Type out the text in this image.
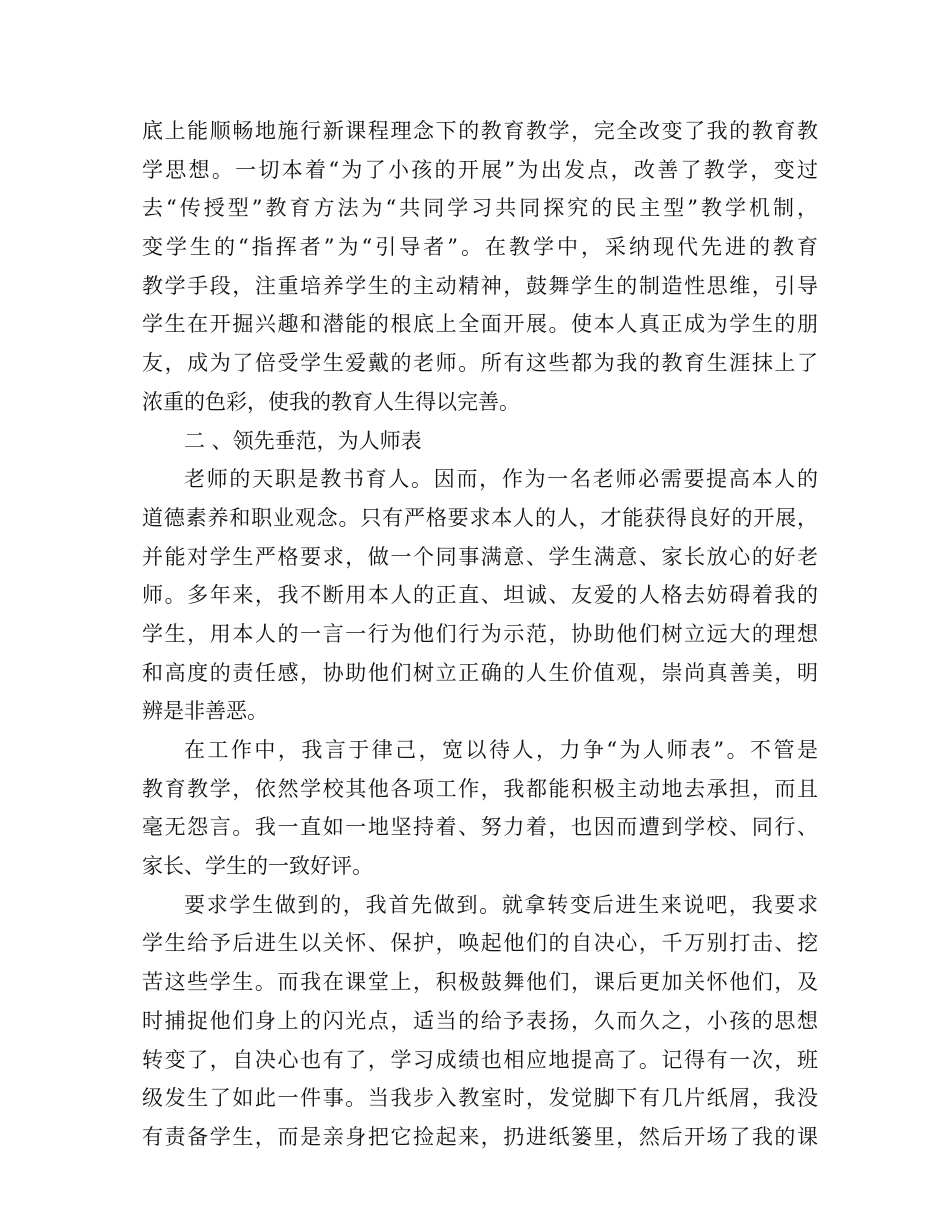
底上能顺畅地施行新课程理念下的教育教学，完全改变了我的教育教
学思想。一切本着“为了小孩的开展”为出发点，改善了教学，变过
去“传授型”教育方法为“共同学习共同探究的民主型”教学机制，
变学生的“指挥者”为“引导者”。在教学中，采纳现代先进的教育
教学手段，注重培养学生的主动精神，鼓舞学生的制造性思维，引导
学生在开掘兴趣和潜能的根底上全面开展。使本人真正成为学生的朋
友，成为了倍受学生爱戴的老师。所有这些都为我的教育生涯抹上了
浓重的色彩，使我的教育人生得以完善。
二 、领先垂范，为人师表
老师的天职是教书育人。因而，作为一名老师必需要提高本人的
道德素养和职业观念。只有严格要求本人的人，才能获得良好的开展，
并能对学生严格要求，做一个同事满意、学生满意、家长放心的好老
师。多年来，我不断用本人的正直、坦诚、友爱的人格去妨碍着我的
学生，用本人的一言一行为他们行为示范，协助他们树立远大的理想
和高度的责任感，协助他们树立正确的人生价值观，崇尚真善美，明
辨是非善恶。
在工作中，我言于律己，宽以待人，力争“为人师表”。不管是
教育教学，依然学校其他各项工作，我都能积极主动地去承担，而且
毫无怨言。我一直如一地坚持着、努力着，也因而遭到学校、同行、
家长、学生的一致好评。
要求学生做到的，我首先做到。就拿转变后进生来说吧，我要求
学生给予后进生以关怀、保护，唤起他们的自决心，千万别打击、挖
苦这些学生。而我在课堂上，积极鼓舞他们，课后更加关怀他们，及
时捕捉他们身上的闪光点，适当的给予表扬，久而久之，小孩的思想
转变了，自决心也有了，学习成绩也相应地提高了。记得有一次，班
级发生了如此一件事。当我步入教室时，发觉脚下有几片纸屑，我没
有责备学生，而是亲身把它捡起来，扔进纸篓里，然后开场了我的课
